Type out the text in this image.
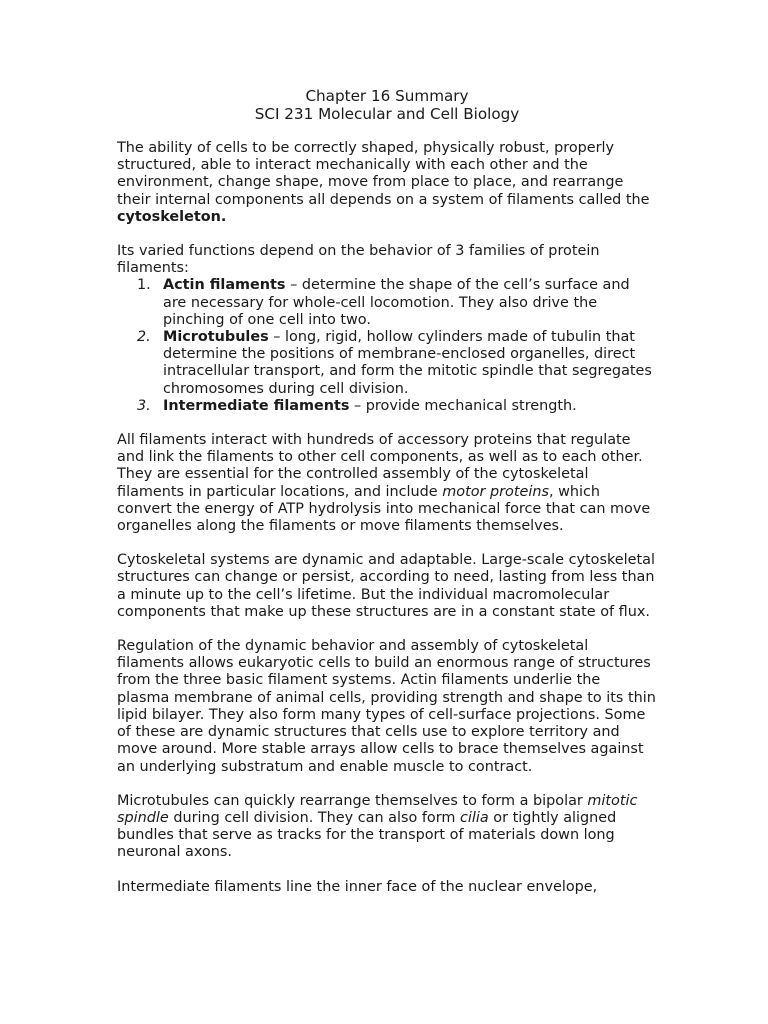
Chapter 16 Summary

SCI 231 Molecular and Cell Biology

The ability of cells to be correctly shaped, physically robust, properly structured, able to interact mechanically with each other and the environment, change shape, move from place to place, and rearrange their internal components all depends on a system of filaments called the cytoskeleton.

Its varied functions depend on the behavior of 3 families of protein filaments:

1. Actin filaments – determine the shape of the cell’s surface and are necessary for whole-cell locomotion. They also drive the pinching of one cell into two.
2. Microtubules – long, rigid, hollow cylinders made of tubulin that determine the positions of membrane-enclosed organelles, direct intracellular transport, and form the mitotic spindle that segregates chromosomes during cell division.
3. Intermediate filaments – provide mechanical strength.

All filaments interact with hundreds of accessory proteins that regulate and link the filaments to other cell components, as well as to each other. They are essential for the controlled assembly of the cytoskeletal filaments in particular locations, and include motor proteins, which convert the energy of ATP hydrolysis into mechanical force that can move organelles along the filaments or move filaments themselves.

Cytoskeletal systems are dynamic and adaptable. Large-scale cytoskeletal structures can change or persist, according to need, lasting from less than a minute up to the cell’s lifetime. But the individual macromolecular components that make up these structures are in a constant state of flux.

Regulation of the dynamic behavior and assembly of cytoskeletal filaments allows eukaryotic cells to build an enormous range of structures from the three basic filament systems. Actin filaments underlie the plasma membrane of animal cells, providing strength and shape to its thin lipid bilayer. They also form many types of cell-surface projections. Some of these are dynamic structures that cells use to explore territory and move around. More stable arrays allow cells to brace themselves against an underlying substratum and enable muscle to contract.

Microtubules can quickly rearrange themselves to form a bipolar mitotic spindle during cell division. They can also form cilia or tightly aligned bundles that serve as tracks for the transport of materials down long neuronal axons.

Intermediate filaments line the inner face of the nuclear envelope,
